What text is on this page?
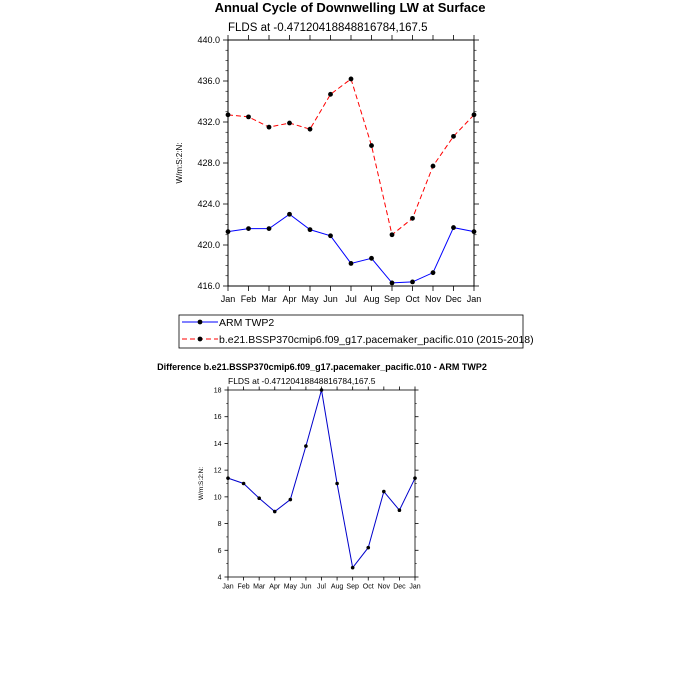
Annual Cycle of Downwelling LW at Surface
FLDS at -0.47120418848816784,167.5
416.0
420.0
424.0
428.0
432.0
436.0
440.0
Jan Feb Mar Apr May Jun Jul Aug Sep Oct Nov Dec Jan
W/m:S:2:N:
ARM TWP2
b.e21.BSSP370cmip6.f09_g17.pacemaker_pacific.010 (2015-2018)
Difference b.e21.BSSP370cmip6.f09_g17.pacemaker_pacific.010 - ARM TWP2
FLDS at -0.47120418848816784,167.5
4
6
8
10
12
14
16
18
Jan Feb Mar Apr May Jun Jul Aug Sep Oct Nov Dec Jan
W/m:S:2:N:
